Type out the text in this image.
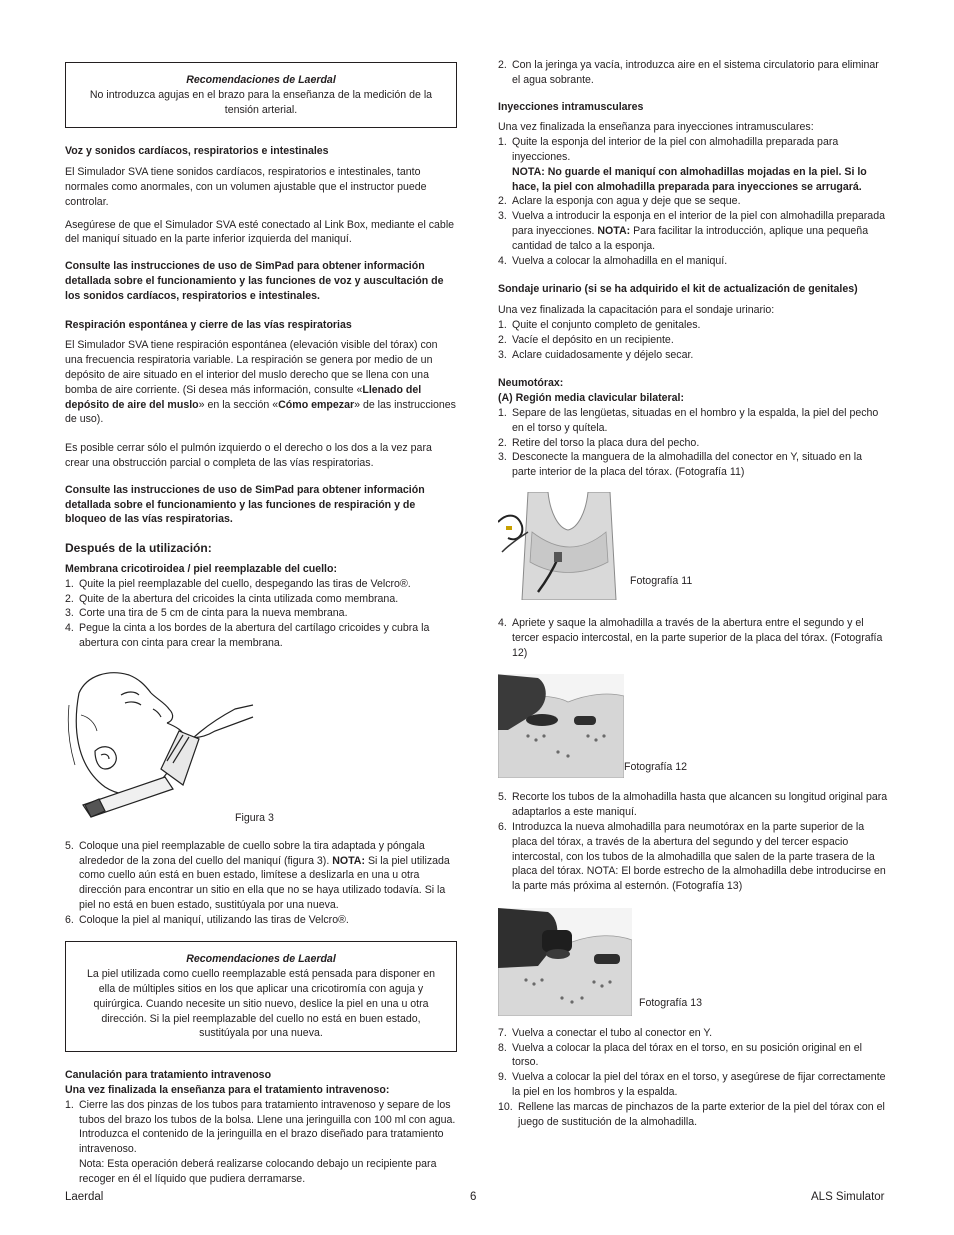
Recomendaciones de Laerdal

No introduzca agujas en el brazo para la enseñanza de la medición de la tensión arterial.

Voz y sonidos cardíacos, respiratorios e intestinales

El Simulador SVA tiene sonidos cardíacos, respiratorios e intestinales, tanto normales como anormales, con un volumen ajustable que el instructor puede controlar.

Asegúrese de que el Simulador SVA esté conectado al Link Box, mediante el cable del maniquí situado en la parte inferior izquierda del maniquí.

Consulte las instrucciones de uso de SimPad para obtener información detallada sobre el funcionamiento y las funciones de voz y auscultación de los sonidos cardíacos, respiratorios e intestinales.

Respiración espontánea y cierre de las vías respiratorias

El Simulador SVA tiene respiración espontánea (elevación visible del tórax) con una frecuencia respiratoria variable. La respiración se genera por medio de un depósito de aire situado en el interior del muslo derecho que se llena con una bomba de aire corriente. (Si desea más información, consulte «Llenado del depósito de aire del muslo» en la sección «Cómo empezar» de las instrucciones de uso).

Es posible cerrar sólo el pulmón izquierdo o el derecho o los dos a la vez para crear una obstrucción parcial o completa de las vías respiratorias.

Consulte las instrucciones de uso de SimPad para obtener información detallada sobre el funcionamiento y las funciones de respiración y de bloqueo de las vías respiratorias.

Después de la utilización:

Membrana cricotiroidea / piel reemplazable del cuello:

1. Quite la piel reemplazable del cuello, despegando las tiras de Velcro®.
2. Quite de la abertura del cricoides la cinta utilizada como membrana.
3. Corte una tira de 5 cm de cinta para la nueva membrana.
4. Pegue la cinta a los bordes de la abertura del cartílago cricoides y cubra la abertura con cinta para crear la membrana.
Figura 3
5. Coloque una piel reemplazable de cuello sobre la tira adaptada y póngala alrededor de la zona del cuello del maniquí (figura 3). NOTA: Si la piel utilizada como cuello aún está en buen estado, limítese a deslizarla en una u otra dirección para encontrar un sitio en ella que no se haya utilizado todavía. Si la piel no está en buen estado, sustitúyala por una nueva.
6. Coloque la piel al maniquí, utilizando las tiras de Velcro®.

Recomendaciones de Laerdal

La piel utilizada como cuello reemplazable está pensada para disponer en ella de múltiples sitios en los que aplicar una cricotiromía con aguja y quirúrgica. Cuando necesite un sitio nuevo, deslice la piel en una u otra dirección. Si la piel reemplazable del cuello no está en buen estado, sustitúyala por una nueva.

Canulación para tratamiento intravenoso

Una vez finalizada la enseñanza para el tratamiento intravenoso:

1. Cierre las dos pinzas de los tubos para tratamiento intravenoso y separe de los tubos del brazo los tubos de la bolsa. Llene una jeringuilla con 100 ml con agua. Introduzca el contenido de la jeringuilla en el brazo diseñado para tratamiento intravenoso.
Nota: Esta operación deberá realizarse colocando debajo un recipiente para recoger en él el líquido que pudiera derramarse.
2. Con la jeringa ya vacía, introduzca aire en el sistema circulatorio para eliminar el agua sobrante.

Inyecciones intramusculares

Una vez finalizada la enseñanza para inyecciones intramusculares:

1. Quite la esponja del interior de la piel con almohadilla preparada para inyecciones.
NOTA: No guarde el maniquí con almohadillas mojadas en la piel. Si lo hace, la piel con almohadilla preparada para inyecciones se arrugará.
2. Aclare la esponja con agua y deje que se seque.
3. Vuelva a introducir la esponja en el interior de la piel con almohadilla preparada para inyecciones. NOTA: Para facilitar la introducción, aplique una pequeña cantidad de talco a la esponja.
4. Vuelva a colocar la almohadilla en el maniquí.

Sondaje urinario (si se ha adquirido el kit de actualización de genitales)

Una vez finalizada la capacitación para el sondaje urinario:

1. Quite el conjunto completo de genitales.
2. Vacíe el depósito en un recipiente.
3. Aclare cuidadosamente y déjelo secar.

Neumotórax:

(A) Región media clavicular bilateral:

1. Separe de las lengüetas, situadas en el hombro y la espalda, la piel del pecho en el torso y quítela.
2. Retire del torso la placa dura del pecho.
3. Desconecte la manguera de la almohadilla del conector en Y, situado en la parte interior de la placa del tórax. (Fotografía 11)
Fotografía 11
4. Apriete y saque la almohadilla a través de la abertura entre el segundo y el tercer espacio intercostal, en la parte superior de la placa del tórax. (Fotografía 12)
Fotografía 12
5. Recorte los tubos de la almohadilla hasta que alcancen su longitud original para adaptarlos a este maniquí.
6. Introduzca la nueva almohadilla para neumotórax en la parte superior de la placa del tórax, a través de la abertura del segundo y del tercer espacio intercostal, con los tubos de la almohadilla que salen de la parte trasera de la placa del tórax. NOTA: El borde estrecho de la almohadilla debe introducirse en la parte más próxima al esternón. (Fotografía 13)
Fotografía 13
7. Vuelva a conectar el tubo al conector en Y.
8. Vuelva a colocar la placa del tórax en el torso, en su posición original en el torso.
9. Vuelva a colocar la piel del tórax en el torso, y asegúrese de fijar correctamente la piel en los hombros y la espalda.
10. Rellene las marcas de pinchazos de la parte exterior de la piel del tórax con el juego de sustitución de la almohadilla.
Laerdal	6	ALS Simulator
